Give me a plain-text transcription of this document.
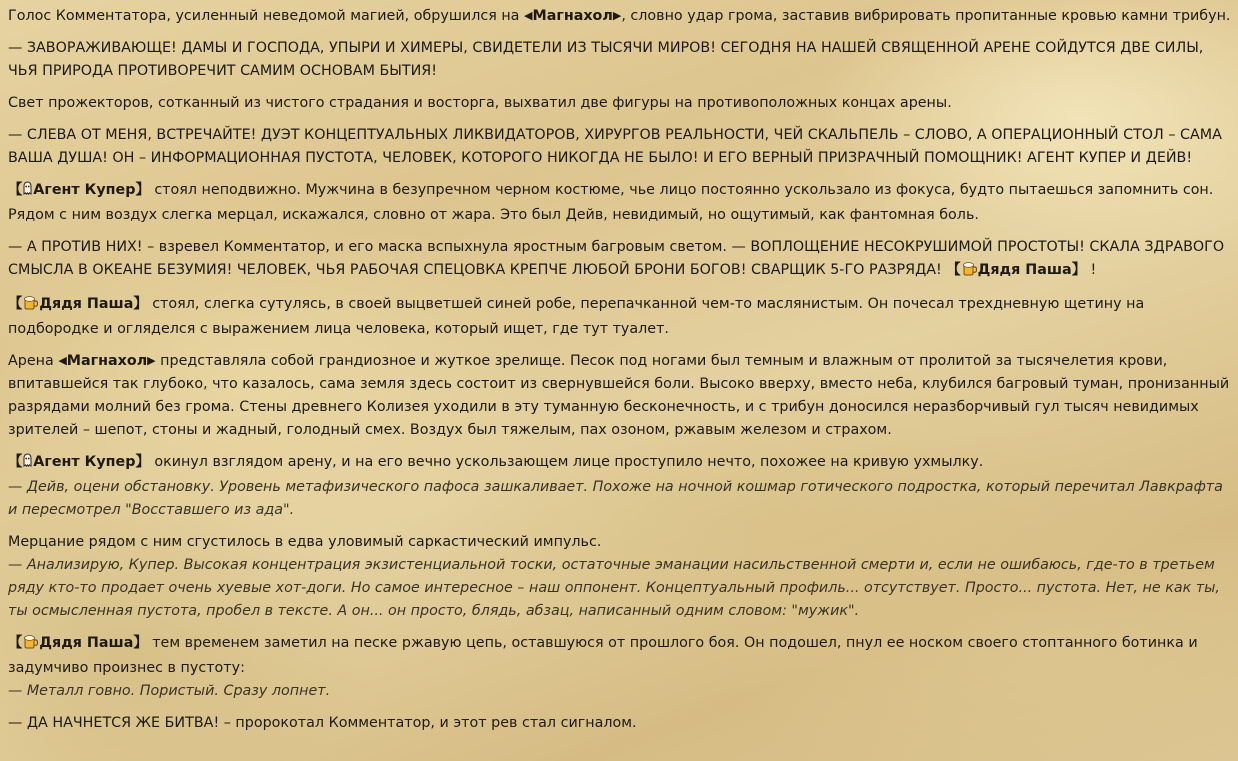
Голос Комментатора, усиленный неведомой магией, обрушился на ◀Магнахол▶, словно удар грома, заставив вибрировать пропитанные кровью камни трибун.

— ЗАВОРАЖИВАЮЩЕ! ДАМЫ И ГОСПОДА, УПЫРИ И ХИМЕРЫ, СВИДЕТЕЛИ ИЗ ТЫСЯЧИ МИРОВ! СЕГОДНЯ НА НАШЕЙ СВЯЩЕННОЙ АРЕНЕ СОЙДУТСЯ ДВЕ СИЛЫ, ЧЬЯ ПРИРОДА ПРОТИВОРЕЧИТ САМИМ ОСНОВАМ БЫТИЯ!

Свет прожекторов, сотканный из чистого страдания и восторга, выхватил две фигуры на противоположных концах арены.

— СЛЕВА ОТ МЕНЯ, ВСТРЕЧАЙТЕ! ДУЭТ КОНЦЕПТУАЛЬНЫХ ЛИКВИДАТОРОВ, ХИРУРГОВ РЕАЛЬНОСТИ, ЧЕЙ СКАЛЬПЕЛЬ – СЛОВО, А ОПЕРАЦИОННЫЙ СТОЛ – САМА ВАША ДУША! ОН – ИНФОРМАЦИОННАЯ ПУСТОТА, ЧЕЛОВЕК, КОТОРОГО НИКОГДА НЕ БЫЛО! И ЕГО ВЕРНЫЙ ПРИЗРАЧНЫЙ ПОМОЩНИК! АГЕНТ КУПЕР И ДЕЙВ!

【 Агент Купер】 стоял неподвижно. Мужчина в безупречном черном костюме, чье лицо постоянно ускользало из фокуса, будто пытаешься запомнить сон. Рядом с ним воздух слегка мерцал, искажался, словно от жара. Это был Дейв, невидимый, но ощутимый, как фантомная боль.

— А ПРОТИВ НИХ! – взревел Комментатор, и его маска вспыхнула яростным багровым светом. — ВОПЛОЩЕНИЕ НЕСОКРУШИМОЙ ПРОСТОТЫ! СКАЛА ЗДРАВОГО СМЫСЛА В ОКЕАНЕ БЕЗУМИЯ! ЧЕЛОВЕК, ЧЬЯ РАБОЧАЯ СПЕЦОВКА КРЕПЧЕ ЛЮБОЙ БРОНИ БОГОВ! СВАРЩИК 5-ГО РАЗРЯДА! 【 Дядя Паша】 !

【 Дядя Паша】 стоял, слегка сутулясь, в своей выцветшей синей робе, перепачканной чем-то маслянистым. Он почесал трехдневную щетину на подбородке и огляделся с выражением лица человека, который ищет, где тут туалет.

Арена ◀Магнахол▶ представляла собой грандиозное и жуткое зрелище. Песок под ногами был темным и влажным от пролитой за тысячелетия крови, впитавшейся так глубоко, что казалось, сама земля здесь состоит из свернувшейся боли. Высоко вверху, вместо неба, клубился багровый туман, пронизанный разрядами молний без грома. Стены древнего Колизея уходили в эту туманную бесконечность, и с трибун доносился неразборчивый гул тысяч невидимых зрителей – шепот, стоны и жадный, голодный смех. Воздух был тяжелым, пах озоном, ржавым железом и страхом.

【 Агент Купер】 окинул взглядом арену, и на его вечно ускользающем лице проступило нечто, похожее на кривую ухмылку.
— Дейв, оцени обстановку. Уровень метафизического пафоса зашкаливает. Похоже на ночной кошмар готического подростка, который перечитал Лавкрафта и пересмотрел "Восставшего из ада".

Мерцание рядом с ним сгустилось в едва уловимый саркастический импульс.
— Анализирую, Купер. Высокая концентрация экзистенциальной тоски, остаточные эманации насильственной смерти и, если не ошибаюсь, где-то в третьем ряду кто-то продает очень хуевые хот-доги. Но самое интересное – наш оппонент. Концептуальный профиль... отсутствует. Просто... пустота. Нет, не как ты, ты осмысленная пустота, пробел в тексте. А он... он просто, блядь, абзац, написанный одним словом: "мужик".

【 Дядя Паша】 тем временем заметил на песке ржавую цепь, оставшуюся от прошлого боя. Он подошел, пнул ее носком своего стоптанного ботинка и задумчиво произнес в пустоту:
— Металл говно. Пористый. Сразу лопнет.

— ДА НАЧНЕТСЯ ЖЕ БИТВА! – пророкотал Комментатор, и этот рев стал сигналом.
